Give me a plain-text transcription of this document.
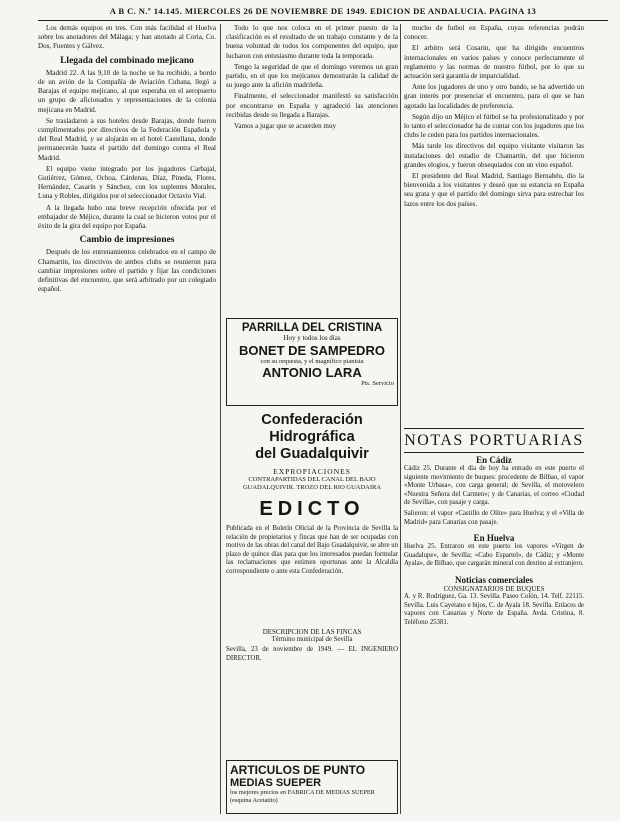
A B C. N.º 14.145. MIERCOLES 26 DE NOVIEMBRE DE 1949. EDICION DE ANDALUCIA. PAGINA 13

Los demás equipos en tres. Con más facilidad el Huelva sobre los anotadores del Málaga; y han anotado al Coria, Co. Dos, Fuentes y Gálvez.

Llegada del combinado mejicano

Madrid 22. A las 9,10 de la noche se ha recibido, a bordo de un avión de la Compañía de Aviación Cubana, llegó a Barajas el equipo mejicano, al que esperaba en el aeropuerto un grupo de aficionados y representaciones de la colonia mejicana en Madrid.

Se trasladaron a sus hoteles desde Barajas, donde fueron cumplimentados por directivos de la Federación Española y del Real Madrid, y se alojarán en el hotel Castellana, donde permanecerán hasta el partido del domingo contra el Real Madrid.

El equipo viene integrado por los jugadores Carbajal, Gutiérrez, Gómez, Ochoa, Cárdenas, Díaz, Pineda, Flores, Hernández, Casarín y Sánchez, con los suplentes Morales, Luna y Robles, dirigidos por el seleccionador Octavio Vial.

A la llegada hubo una breve recepción ofrecida por el embajador de Méjico, durante la cual se hicieron votos por el éxito de la gira del equipo por España.

Cambio de impresiones

Después de los entrenamientos celebrados en el campo de Chamartín, los directivos de ambos clubs se reunieron para cambiar impresiones sobre el partido y fijar las condiciones definitivas del encuentro, que será arbitrado por un colegiado español.

Todo lo que nos coloca en el primer puesto de la clasificación es el resultado de un trabajo constante y de la buena voluntad de todos los componentes del equipo, que lucharon con entusiasmo durante toda la temporada.

Tengo la seguridad de que el domingo veremos un gran partido, en el que los mejicanos demostrarán la calidad de su juego ante la afición madrileña.

Finalmente, el seleccionador manifestó su satisfacción por encontrarse en España y agradeció las atenciones recibidas desde su llegada a Barajas.

Vamos a jugar que se acuerden muy

PARRILLA DEL CRISTINA
Hoy y todos los días
BONET DE SAMPEDRO
con su orquesta, y el magnífico pianista
ANTONIO LARA
Pts. Servicio
Confederación Hidrográfica
del Guadalquivir
EXPROPIACIONES
CONTRAPARTIDAS DEL CANAL DEL BAJO GUADALQUIVIR. TROZO DEL RIO GUADAIRA
EDICTO
Publicada en el Boletín Oficial de la Provincia de Sevilla la relación de propietarios y fincas que han de ser ocupadas con motivo de las obras del canal del Bajo Guadalquivir, se abre un plazo de quince días para que los interesados puedan formular las reclamaciones que estimen oportunas ante la Alcaldía correspondiente o ante esta Confederación.
DESCRIPCION DE LAS FINCAS
Término municipal de Sevilla
Sevilla, 23 de noviembre de 1949. — EL INGENIERO DIRECTOR.
ARTICULOS DE PUNTO
MEDIAS SUEPER
los mejores precios en FABRICA DE MEDIAS SUEPER (esquina Acetatito)

mucho de futbol en España, cuyas referencias podrán conocer.

El arbitro será Cosarin, que ha dirigido encuentros internacionales en varios países y conoce perfectamente el reglamento y las normas de nuestro fútbol, por lo que su actuación será garantía de imparcialidad.

Ante los jugadores de uno y otro bando, se ha advertido un gran interés por presenciar el encuentro, para el que se han agotado las localidades de preferencia.

Según dijo un Méjico el fútbol se ha profesionalizado y por lo tanto el seleccionador ha de contar con los jugadores que los clubs le ceden para los partidos internacionales.

Más tarde los directivos del equipo visitante visitaron las instalaciones del estadio de Chamartín, del que hicieron grandes elogios, y fueron obsequiados con un vino español.

El presidente del Real Madrid, Santiago Bernabéu, dio la bienvenida a los visitantes y deseó que su estancia en España sea grata y que el partido del domingo sirva para estrechar los lazos entre los dos países.

NOTAS PORTUARIAS
En Cádiz
Cádiz 25. Durante el día de hoy ha entrado en este puerto el siguiente movimiento de buques: procedente de Bilbao, el vapor «Monte Urbasa», con carga general; de Sevilla, el motovelero «Nuestra Señora del Carmen»; y de Canarias, el correo «Ciudad de Sevilla», con pasaje y carga.
Salieron: el vapor «Castillo de Olite» para Huelva; y el «Villa de Madrid» para Canarias con pasaje.
En Huelva
Huelva 25. Entraron en este puerto los vapores «Virgen de Guadalupe», de Sevilla; «Cabo Espartel», de Cádiz; y «Monte Ayala», de Bilbao, que cargarán mineral con destino al extranjero.
Noticias comerciales
CONSIGNATARIOS DE BUQUES
A. y R. Rodríguez, Ga. 13. Sevilla. Paseo Colón, 14. Telf. 22115. Sevilla. Luis Cayetano e hijos, C. de Ayala 18. Sevilla. Enlaces de vapores con Canarias y Norte de España. Avda. Cristina, 8. Teléfono 25381.
